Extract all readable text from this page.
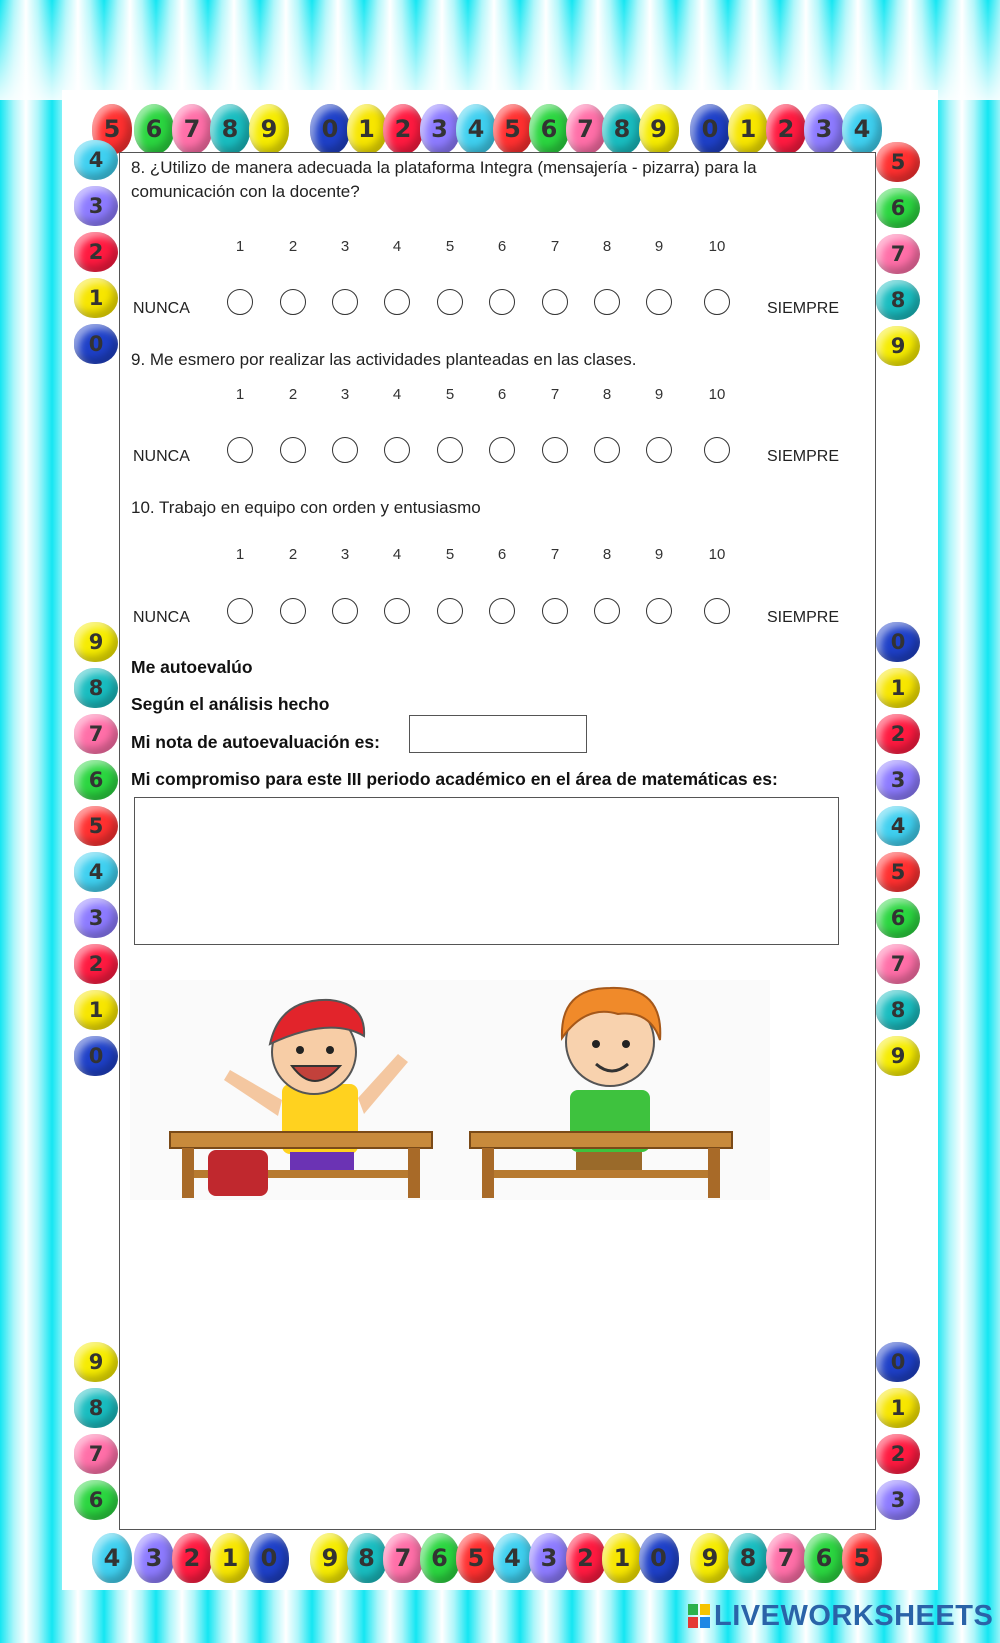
5	6 7 8 9	0 1 2 3 4 5 6 7 8 9	0 1 2 3 4
4	3 2 1 0	9 8 7 6 5 4 3 2 1 0	9 8 7 6 5
4
3
2
1
0
9
8
7
6
5
4
3
2
1
0
9
8
7
6
5
6
7
8
9
0
1
2
3
4
5
6
7
8
9
0
1
2
3
8. ¿Utilizo de manera adecuada la plataforma Integra (mensajería - pizarra) para la comunicación con la docente?
1	2	3	4	5	6	7	8	9	10
NUNCA	SIEMPRE
9. Me esmero por realizar las actividades planteadas en las clases.
1	2	3	4	5	6	7	8	9	10
NUNCA	SIEMPRE
10. Trabajo en equipo con orden y entusiasmo
1	2	3	4	5	6	7	8	9	10
NUNCA	SIEMPRE
Me autoevalúo
Según el análisis hecho
Mi nota de autoevaluación es:
Mi compromiso para este III periodo académico en el área de matemáticas es:
LIVEWORKSHEETS
